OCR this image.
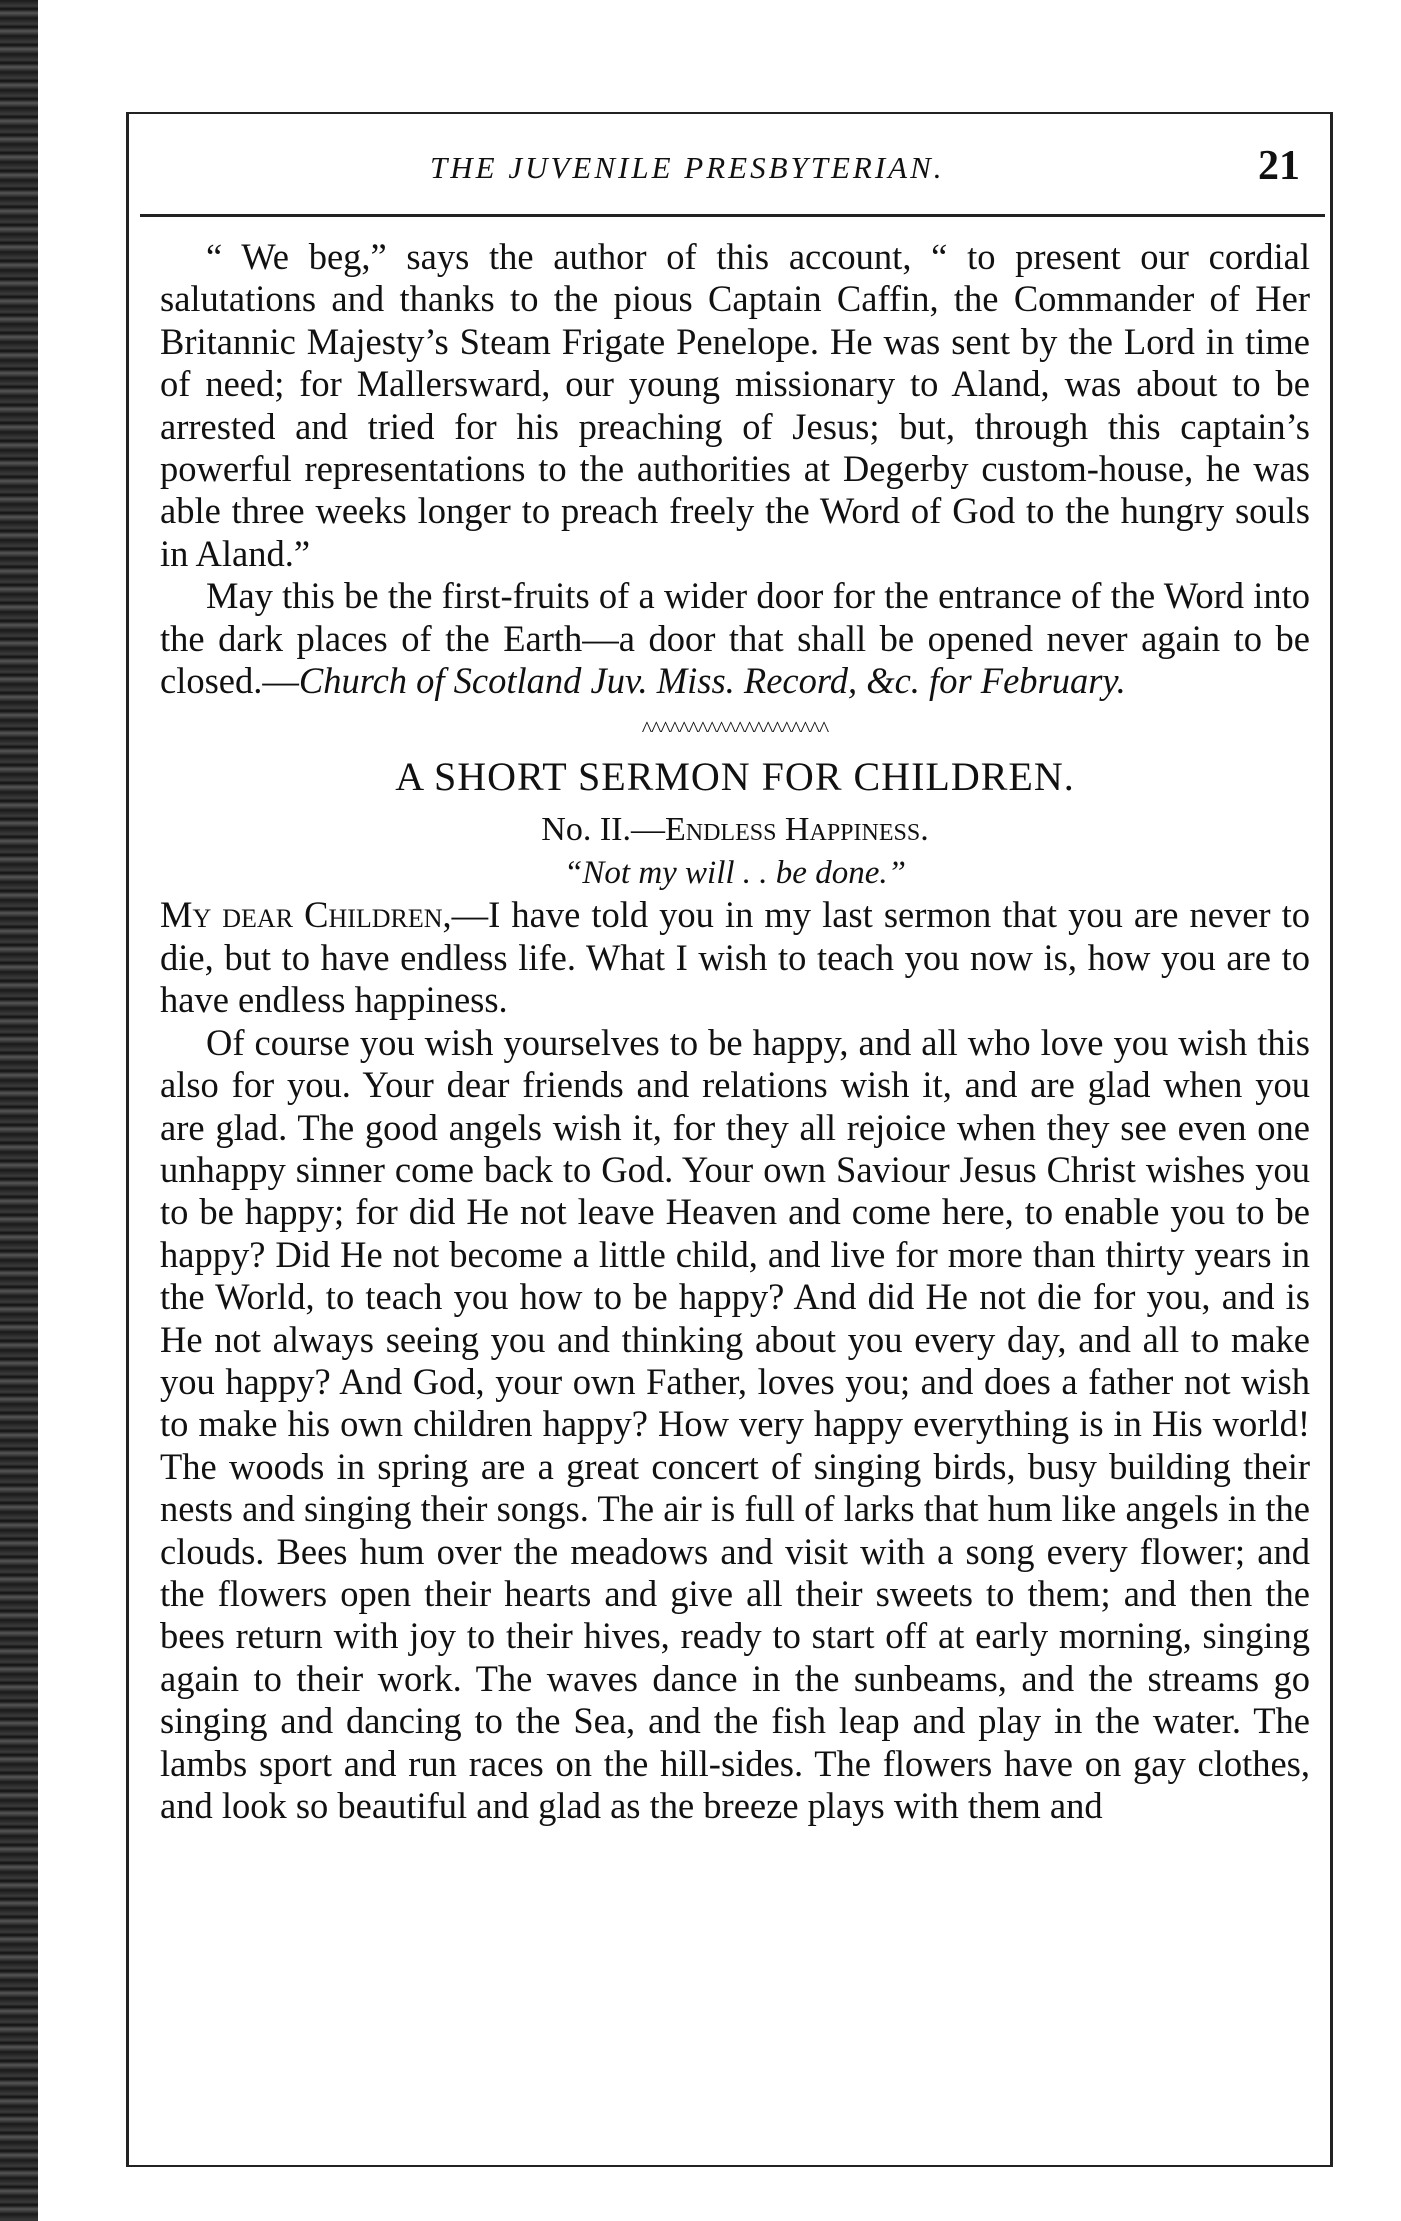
THE JUVENILE PRESBYTERIAN.	21

“ We beg,” says the author of this account, “ to present our cordial salutations and thanks to the pious Captain Caffin, the Commander of Her Britannic Majesty’s Steam Frigate Penelope. He was sent by the Lord in time of need; for Mallersward, our young missionary to Aland, was about to be arrested and tried for his preaching of Jesus; but, through this captain’s powerful representations to the authorities at Degerby custom-house, he was able three weeks longer to preach freely the Word of God to the hungry souls in Aland.”

May this be the first-fruits of a wider door for the entrance of the Word into the dark places of the Earth—a door that shall be opened never again to be closed.—Church of Scotland Juv. Miss. Record, &c. for February.

^^^^^^^^^^^^^^^^^^^^
A SHORT SERMON FOR CHILDREN.
No. II.—Endless Happiness.
“Not my will . . be done.”

My dear Children,—I have told you in my last sermon that you are never to die, but to have endless life. What I wish to teach you now is, how you are to have endless happiness.

Of course you wish yourselves to be happy, and all who love you wish this also for you. Your dear friends and relations wish it, and are glad when you are glad. The good angels wish it, for they all rejoice when they see even one unhappy sinner come back to God. Your own Saviour Jesus Christ wishes you to be happy; for did He not leave Heaven and come here, to enable you to be happy? Did He not become a little child, and live for more than thirty years in the World, to teach you how to be happy? And did He not die for you, and is He not always seeing you and thinking about you every day, and all to make you happy? And God, your own Father, loves you; and does a father not wish to make his own children happy? How very happy everything is in His world! The woods in spring are a great concert of singing birds, busy building their nests and singing their songs. The air is full of larks that hum like angels in the clouds. Bees hum over the meadows and visit with a song every flower; and the flowers open their hearts and give all their sweets to them; and then the bees return with joy to their hives, ready to start off at early morning, singing again to their work. The waves dance in the sunbeams, and the streams go singing and dancing to the Sea, and the fish leap and play in the water. The lambs sport and run races on the hill-sides. The flowers have on gay clothes, and look so beautiful and glad as the breeze plays with them and
